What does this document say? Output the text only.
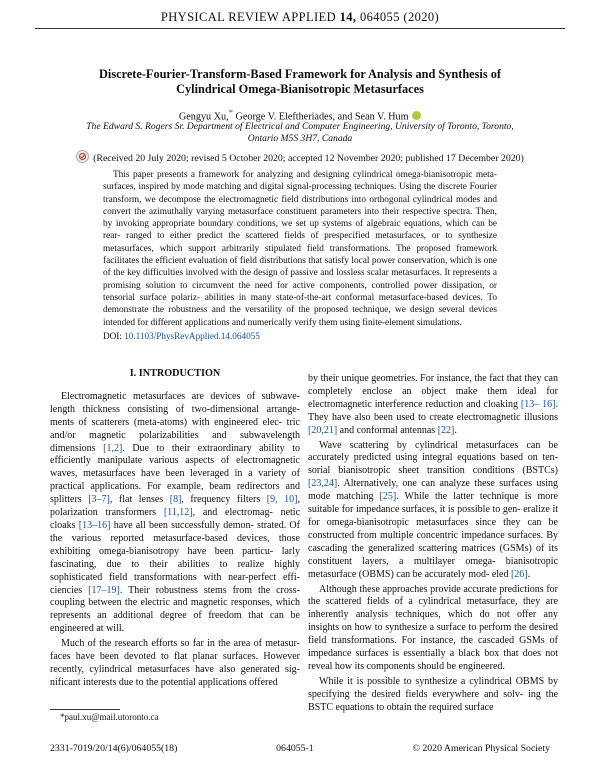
PHYSICAL REVIEW APPLIED 14, 064055 (2020)
Discrete-Fourier-Transform-Based Framework for Analysis and Synthesis of
Cylindrical Omega-Bianisotropic Metasurfaces
Gengyu Xu,* George V. Eleftheriades, and Sean V. Hum
The Edward S. Rogers Sr. Department of Electrical and Computer Engineering, University of Toronto, Toronto,
Ontario M5S 3H7, Canada
(Received 20 July 2020; revised 5 October 2020; accepted 12 November 2020; published 17 December 2020)

This paper presents a framework for analyzing and designing cylindrical omega-bianisotropic meta- surfaces, inspired by mode matching and digital signal-processing techniques. Using the discrete Fourier transform, we decompose the electromagnetic field distributions into orthogonal cylindrical modes and convert the azimuthally varying metasurface constituent parameters into their respective spectra. Then, by invoking appropriate boundary conditions, we set up systems of algebraic equations, which can be rear- ranged to either predict the scattered fields of prespecified metasurfaces, or to synthesize metasurfaces, which support arbitrarily stipulated field transformations. The proposed framework facilitates the efficient evaluation of field distributions that satisfy local power conservation, which is one of the key difficulties involved with the design of passive and lossless scalar metasurfaces. It represents a promising solution to circumvent the need for active components, controlled power dissipation, or tensorial surface polariz- abilities in many state-of-the-art conformal metasurface-based devices. To demonstrate the robustness and the versatility of the proposed technique, we design several devices intended for different applications and numerically verify them using finite-element simulations.

DOI: 10.1103/PhysRevApplied.14.064055
I. INTRODUCTION

Electromagnetic metasurfaces are devices of subwave- length thickness consisting of two-dimensional arrange- ments of scatterers (meta-atoms) with engineered elec- tric and/or magnetic polarizabilities and subwavelength dimensions [1,2]. Due to their extraordinary ability to efficiently manipulate various aspects of electromagnetic waves, metasurfaces have been leveraged in a variety of practical applications. For example, beam redirectors and splitters [3–7], flat lenses [8], frequency filters [9, 10], polarization transformers [11,12], and electromag- netic cloaks [13–16] have all been successfully demon- strated. Of the various reported metasurface-based devices, those exhibiting omega-bianisotropy have been particu- larly fascinating, due to their abilities to realize highly sophisticated field transformations with near-perfect effi- ciencies [17–19]. Their robustness stems from the cross- coupling between the electric and magnetic responses, which represents an additional degree of freedom that can be engineered at will.

Much of the research efforts so far in the area of metasur- faces have been devoted to flat planar surfaces. However recently, cylindrical metasurfaces have also generated sig- nificant interests due to the potential applications offered

by their unique geometries. For instance, the fact that they can completely enclose an object make them ideal for electromagnetic interference reduction and cloaking [13– 16]. They have also been used to create electromagnetic illusions [20,21] and conformal antennas [22].

Wave scattering by cylindrical metasurfaces can be accurately predicted using integral equations based on ten- sorial bianisotropic sheet transition conditions (BSTCs) [23,24]. Alternatively, one can analyze these surfaces using mode matching [25]. While the latter technique is more suitable for impedance surfaces, it is possible to gen- eralize it for omega-bianisotropic metasurfaces since they can be constructed from multiple concentric impedance surfaces. By cascading the generalized scattering matrices (GSMs) of its constituent layers, a multilayer omega- bianisotropic metasurface (OBMS) can be accurately mod- eled [26].

Although these approaches provide accurate predictions for the scattered fields of a cylindrical metasurface, they are inherently analysis techniques, which do not offer any insights on how to synthesize a surface to perform the desired field transformations. For instance, the cascaded GSMs of impedance surfaces is essentially a black box that does not reveal how its components should be engineered.

While it is possible to synthesize a cylindrical OBMS by specifying the desired fields everywhere and solv- ing the BSTC equations to obtain the required surface

*paul.xu@mail.utoronto.ca
2331-7019/20/14(6)/064055(18)	064055-1	© 2020 American Physical Society
